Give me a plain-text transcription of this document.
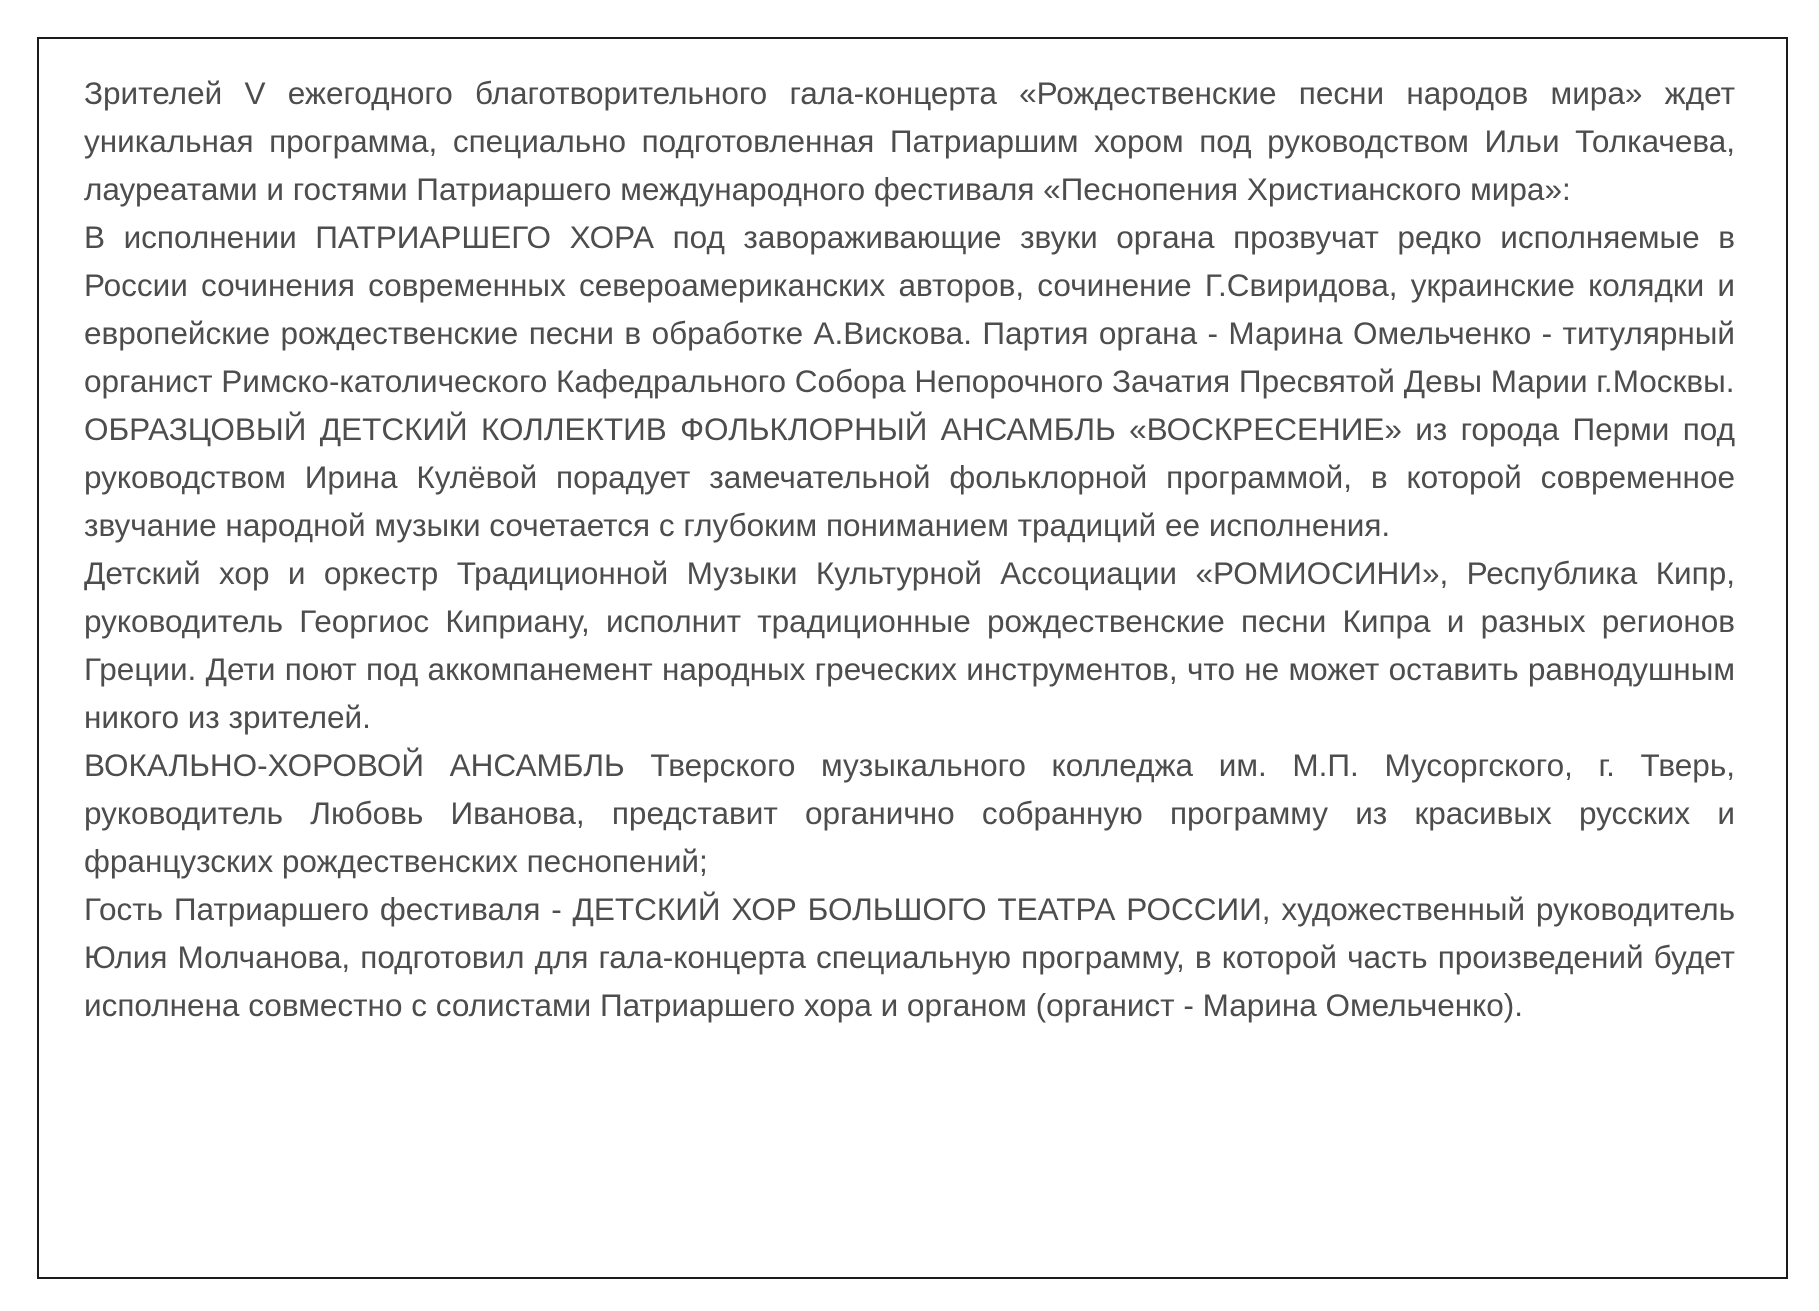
Зрителей V ежегодного благотворительного гала-концерта «Рождественские песни народов мира» ждет уникальная программа, специально подготовленная Патриаршим хором под руководством Ильи Толкачева, лауреатами и гостями Патриаршего международного фестиваля «Песнопения Христианского мира»:

В исполнении ПАТРИАРШЕГО ХОРА под завораживающие звуки органа прозвучат редко исполняемые в России сочинения современных североамериканских авторов, сочинение Г.Свиридова, украинские колядки и европейские рождественские песни в обработке А.Вискова. Партия органа - Марина Омельченко - титулярный органист Римско-католического Кафедрального Собора Непорочного Зачатия Пресвятой Девы Марии г.Москвы.

ОБРАЗЦОВЫЙ ДЕТСКИЙ КОЛЛЕКТИВ ФОЛЬКЛОРНЫЙ АНСАМБЛЬ «ВОСКРЕСЕНИЕ» из города Перми под руководством Ирина Кулёвой порадует замечательной фольклорной программой, в которой современное звучание народной музыки сочетается с глубоким пониманием традиций ее исполнения.

Детский хор и оркестр Традиционной Музыки Культурной Ассоциации «РОМИОСИНИ», Республика Кипр, руководитель Георгиос Киприану, исполнит традиционные рождественские песни Кипра и разных регионов Греции. Дети поют под аккомпанемент народных греческих инструментов, что не может оставить равнодушным никого из зрителей.

ВОКАЛЬНО-ХОРОВОЙ АНСАМБЛЬ Тверского музыкального колледжа им. М.П. Мусоргского, г. Тверь, руководитель Любовь Иванова, представит органично собранную программу из красивых русских и французских рождественских песнопений;

Гость Патриаршего фестиваля - ДЕТСКИЙ ХОР БОЛЬШОГО ТЕАТРА РОССИИ, художественный руководитель Юлия Молчанова, подготовил для гала-концерта специальную программу, в которой часть произведений будет исполнена совместно с солистами Патриаршего хора и органом (органист - Марина Омельченко).
